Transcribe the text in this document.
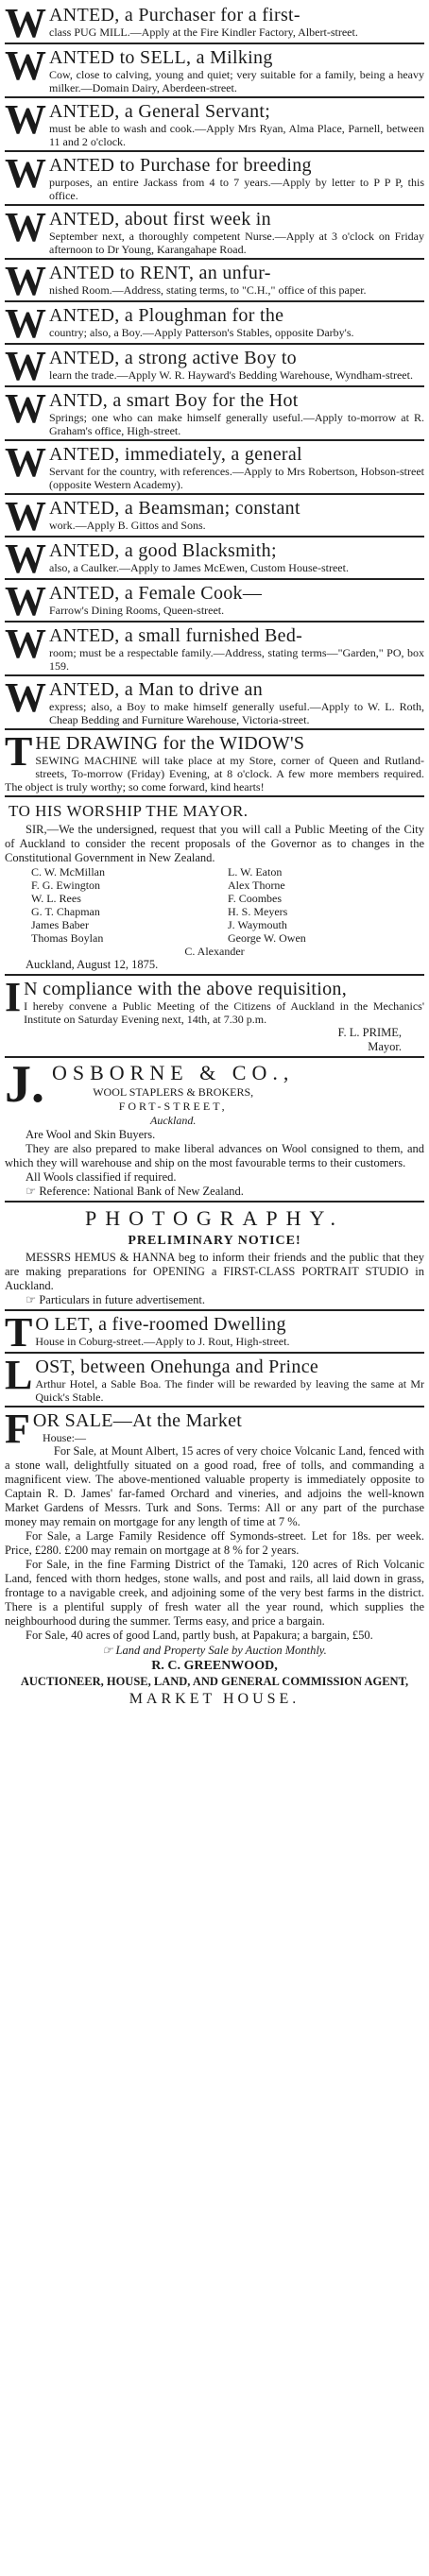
W ANTED, a Purchaser for a first-

class PUG MILL.—Apply at the Fire Kindler Factory, Albert-street.

W ANTED to SELL, a Milking

Cow, close to calving, young and quiet; very suitable for a family, being a heavy milker.—Domain Dairy, Aberdeen-street.

W ANTED, a General Servant;

must be able to wash and cook.—Apply Mrs Ryan, Alma Place, Parnell, between 11 and 2 o'clock.

W ANTED to Purchase for breeding

purposes, an entire Jackass from 4 to 7 years.—Apply by letter to P P P, this office.

W ANTED, about first week in

September next, a thoroughly competent Nurse.—Apply at 3 o'clock on Friday afternoon to Dr Young, Karangahape Road.

W ANTED to RENT, an unfur-

nished Room.—Address, stating terms, to "C.H.," office of this paper.

W ANTED, a Ploughman for the

country; also, a Boy.—Apply Patterson's Stables, opposite Darby's.

W ANTED, a strong active Boy to

learn the trade.—Apply W. R. Hayward's Bedding Warehouse, Wyndham-street.

W ANTD, a smart Boy for the Hot

Springs; one who can make himself generally useful.—Apply to-morrow at R. Graham's office, High-street.

W ANTED, immediately, a general

Servant for the country, with references.—Apply to Mrs Robertson, Hobson-street (opposite Western Academy).

W ANTED, a Beamsman; constant

work.—Apply B. Gittos and Sons.

W ANTED, a good Blacksmith;

also, a Caulker.—Apply to James McEwen, Custom House-street.

W ANTED, a Female Cook—

Farrow's Dining Rooms, Queen-street.

W ANTED, a small furnished Bed-

room; must be a respectable family.—Address, stating terms—"Garden," PO, box 159.

W ANTED, a Man to drive an

express; also, a Boy to make himself generally useful.—Apply to W. L. Roth, Cheap Bedding and Furniture Warehouse, Victoria-street.

T HE DRAWING for the WIDOW'S

SEWING MACHINE will take place at my Store, corner of Queen and Rutland-streets, To-morrow (Friday) Evening, at 8 o'clock. A few more members required. The object is truly worthy; so come forward, kind hearts!

TO HIS WORSHIP THE MAYOR.

SIR,—We the undersigned, request that you will call a Public Meeting of the City of Auckland to consider the recent proposals of the Governor as to changes in the Constitutional Government in New Zealand.

C. W. McMillan	L. W. Eaton
F. G. Ewington	Alex Thorne
W. L. Rees	F. Coombes
G. T. Chapman	H. S. Meyers
James Baber	J. Waymouth
Thomas Boylan	George W. Owen
C. Alexander
Auckland, August 12, 1875.
I N compliance with the above requisition,

I hereby convene a Public Meeting of the Citizens of Auckland in the Mechanics' Institute on Saturday Evening next, 14th, at 7.30 p.m.

F. L. PRIME,
Mayor.
J. OSBORNE & CO.,
WOOL STAPLERS & BROKERS,
FORT-STREET,
Auckland.

Are Wool and Skin Buyers.

They are also prepared to make liberal advances on Wool consigned to them, and which they will warehouse and ship on the most favourable terms to their customers.

All Wools classified if required.

☞ Reference: National Bank of New Zealand.

PHOTOGRAPHY.
PRELIMINARY NOTICE!

MESSRS HEMUS & HANNA beg to inform their friends and the public that they are making preparations for OPENING a FIRST-CLASS PORTRAIT STUDIO in Auckland.

☞ Particulars in future advertisement.

T O LET, a five-roomed Dwelling

House in Coburg-street.—Apply to J. Rout, High-street.

L OST, between Onehunga and Prince

Arthur Hotel, a Sable Boa. The finder will be rewarded by leaving the same at Mr Quick's Stable.

F OR SALE—At the Market
House:—

For Sale, at Mount Albert, 15 acres of very choice Volcanic Land, fenced with a stone wall, delightfully situated on a good road, free of tolls, and commanding a magnificent view. The above-mentioned valuable property is immediately opposite to Captain R. D. James' far-famed Orchard and vineries, and adjoins the well-known Market Gardens of Messrs. Turk and Sons. Terms: All or any part of the purchase money may remain on mortgage for any length of time at 7 %.

For Sale, a Large Family Residence off Symonds-street. Let for 18s. per week. Price, £280. £200 may remain on mortgage at 8 % for 2 years.

For Sale, in the fine Farming District of the Tamaki, 120 acres of Rich Volcanic Land, fenced with thorn hedges, stone walls, and post and rails, all laid down in grass, frontage to a navigable creek, and adjoining some of the very best farms in the district. There is a plentiful supply of fresh water all the year round, which supplies the neighbourhood during the summer. Terms easy, and price a bargain.

For Sale, 40 acres of good Land, partly bush, at Papakura; a bargain, £50.

☞ Land and Property Sale by Auction Monthly.
R. C. GREENWOOD,
AUCTIONEER, HOUSE, LAND, AND GENERAL COMMISSION AGENT,
MARKET HOUSE.
